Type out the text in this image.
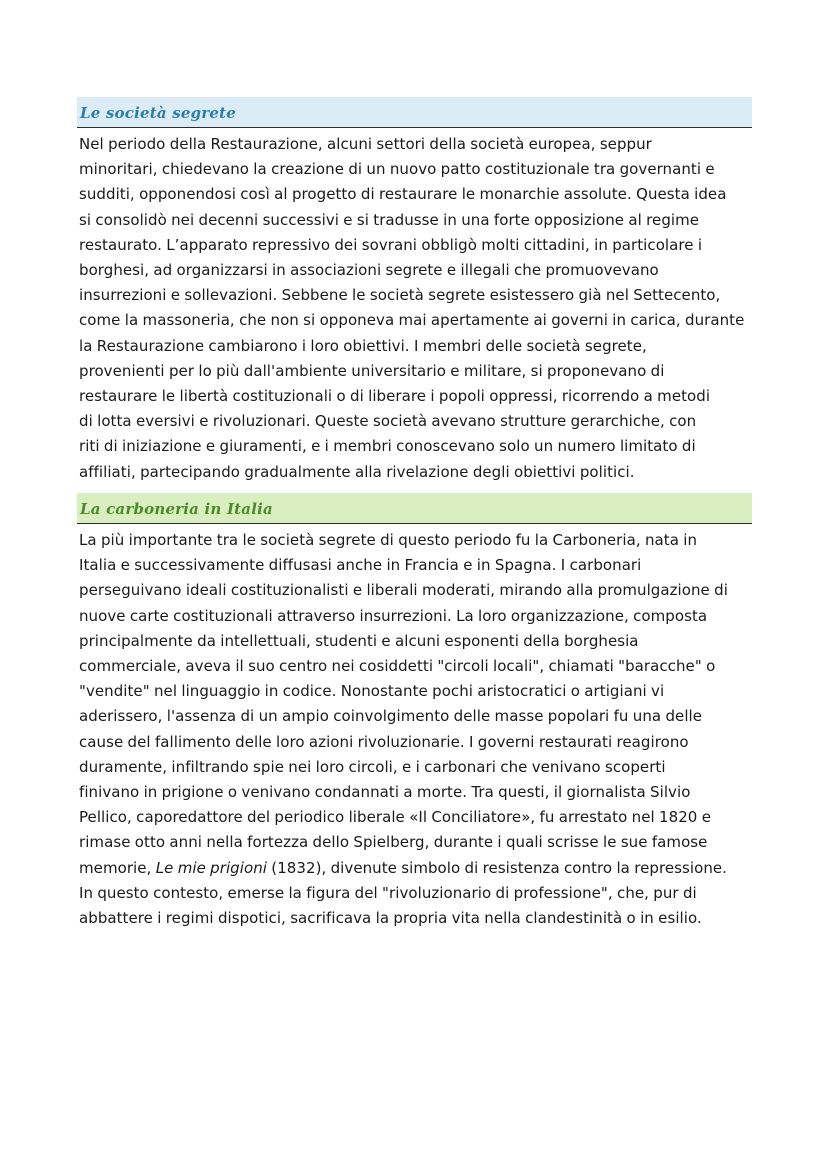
Le società segrete
Nel periodo della Restaurazione, alcuni settori della società europea, seppur
minoritari, chiedevano la creazione di un nuovo patto costituzionale tra governanti e
sudditi, opponendosi così al progetto di restaurare le monarchie assolute. Questa idea
si consolidò nei decenni successivi e si tradusse in una forte opposizione al regime
restaurato. L’apparato repressivo dei sovrani obbligò molti cittadini, in particolare i
borghesi, ad organizzarsi in associazioni segrete e illegali che promuovevano
insurrezioni e sollevazioni. Sebbene le società segrete esistessero già nel Settecento,
come la massoneria, che non si opponeva mai apertamente ai governi in carica, durante
la Restaurazione cambiarono i loro obiettivi. I membri delle società segrete,
provenienti per lo più dall'ambiente universitario e militare, si proponevano di
restaurare le libertà costituzionali o di liberare i popoli oppressi, ricorrendo a metodi
di lotta eversivi e rivoluzionari. Queste società avevano strutture gerarchiche, con
riti di iniziazione e giuramenti, e i membri conoscevano solo un numero limitato di
affiliati, partecipando gradualmente alla rivelazione degli obiettivi politici.
La carboneria in Italia
La più importante tra le società segrete di questo periodo fu la Carboneria, nata in
Italia e successivamente diffusasi anche in Francia e in Spagna. I carbonari
perseguivano ideali costituzionalisti e liberali moderati, mirando alla promulgazione di
nuove carte costituzionali attraverso insurrezioni. La loro organizzazione, composta
principalmente da intellettuali, studenti e alcuni esponenti della borghesia
commerciale, aveva il suo centro nei cosiddetti "circoli locali", chiamati "baracche" o
"vendite" nel linguaggio in codice. Nonostante pochi aristocratici o artigiani vi
aderissero, l'assenza di un ampio coinvolgimento delle masse popolari fu una delle
cause del fallimento delle loro azioni rivoluzionarie. I governi restaurati reagirono
duramente, infiltrando spie nei loro circoli, e i carbonari che venivano scoperti
finivano in prigione o venivano condannati a morte. Tra questi, il giornalista Silvio
Pellico, caporedattore del periodico liberale «Il Conciliatore», fu arrestato nel 1820 e
rimase otto anni nella fortezza dello Spielberg, durante i quali scrisse le sue famose
memorie, Le mie prigioni (1832), divenute simbolo di resistenza contro la repressione.
In questo contesto, emerse la figura del "rivoluzionario di professione", che, pur di
abbattere i regimi dispotici, sacrificava la propria vita nella clandestinità o in esilio.
